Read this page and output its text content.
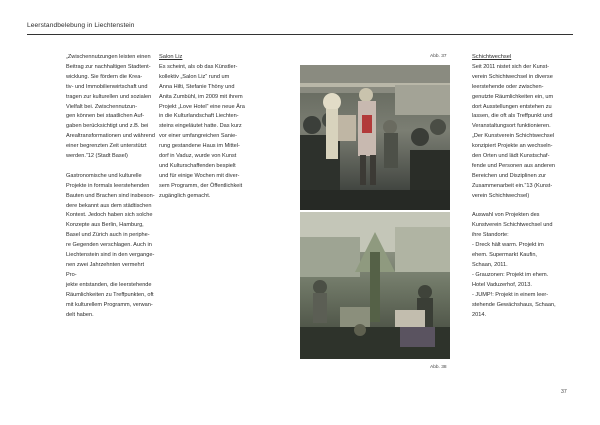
Leerstandbelebung in Liechtenstein

„Zwischennutzungen leisten einen
Beitrag zur nachhaltigen Stadtent-
wicklung. Sie fördern die Krea-
tiv- und Immobilienwirtschaft und
tragen zur kulturellen und sozialen
Vielfalt bei. Zwischennutzun-
gen können bei staatlichen Auf-
gaben berücksichtigt und z.B. bei
Arealtransformationen und während
einer begrenzten Zeit unterstützt
werden.“12 (Stadt Basel)

Gastronomische und kulturelle
Projekte in formals leerstehenden
Bauten und Brachen sind insbeson-
dere bekannt aus dem städtischen
Kontext. Jedoch haben sich solche
Konzepte aus Berlin, Hamburg,
Basel und Zürich auch in periphe-
re Gegenden verschlagen. Auch in
Liechtenstein sind in den vergange-
nen zwei Jahrzehnten vermehrt Pro-
jekte entstanden, die leerstehende
Räumlichkeiten zu Treffpunkten, oft
mit kulturellem Programm, verwan-
delt haben.

Salon Liz

Es scheint, als ob das Künstler-
kollektiv „Salon Liz“ rund um
Anna Hilti, Stefanie Thöny und
Anita Zumbühl, im 2009 mit ihrem
Projekt „Love Hotel“ eine neue Ära
in die Kulturlandschaft Liechten-
steins eingeläutet hatte. Das kurz
vor einer umfangreichen Sanie-
rung gestandene Haus im Mittel-
dorf in Vaduz, wurde von Kunst
und Kulturschaffenden bespielt
und für einige Wochen mit diver-
sem Programm, der Öffentlichkeit
zugänglich gemacht.

Schichtwechsel

Seit 2011 nistet sich der Kunst-
verein Schichtwechsel in diverse
leerstehende oder zwischen-
genutzte Räumlichkeiten ein, um
dort Ausstellungen entstehen zu
lassen, die oft als Treffpunkt und
Veranstaltungsort funktionieren.
„Der Kunstverein Schichtwechsel
konzipiert Projekte an wechseln-
den Orten und lädt Kunstschaf-
fende und Personen aus anderen
Bereichen und Disziplinen zur
Zusammenarbeit ein.“13 (Kunst-
verein Schichtwechsel)

Auswahl von Projekten des
Kunstverein Schichtwechsel und
ihre Standorte:
- Dreck hält warm. Projekt im
ehem. Supermarkt Kaufin,
Schaan, 2011.
- Grauzonen: Projekt im ehem.
Hotel Vaduzerhof, 2013.
- JUMP!: Projekt in einem leer-
stehende Gewächshaus, Schaan,
2014.

Abb. 37
Abb. 38
37
